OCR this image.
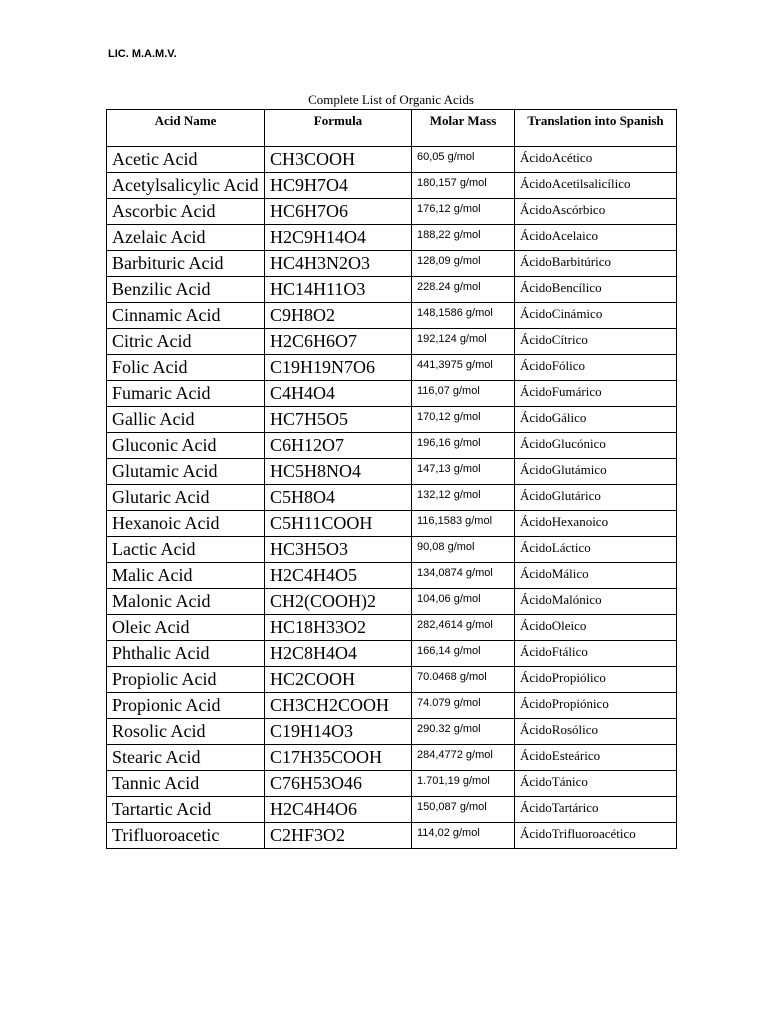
LIC. M.A.M.V.
Complete List of Organic Acids
Acid Name	Formula	Molar Mass	Translation into Spanish
Acetic Acid	CH3COOH	60,05 g/mol	ÁcidoAcético
Acetylsalicylic Acid	HC9H7O4	180,157 g/mol	ÁcidoAcetilsalicílico
Ascorbic Acid	HC6H7O6	176,12 g/mol	ÁcidoAscórbico
Azelaic Acid	H2C9H14O4	188,22 g/mol	ÁcidoAcelaico
Barbituric Acid	HC4H3N2O3	128,09 g/mol	ÁcidoBarbitúrico
Benzilic Acid	HC14H11O3	228.24 g/mol	ÁcidoBencílico
Cinnamic Acid	C9H8O2	148,1586 g/mol	ÁcidoCinámico
Citric Acid	H2C6H6O7	192,124 g/mol	ÁcidoCítrico
Folic Acid	C19H19N7O6	441,3975 g/mol	ÁcidoFólico
Fumaric Acid	C4H4O4	116,07 g/mol	ÁcidoFumárico
Gallic Acid	HC7H5O5	170,12 g/mol	ÁcidoGálico
Gluconic Acid	C6H12O7	196,16 g/mol	ÁcidoGlucónico
Glutamic Acid	HC5H8NO4	147,13 g/mol	ÁcidoGlutámico
Glutaric Acid	C5H8O4	132,12 g/mol	ÁcidoGlutárico
Hexanoic Acid	C5H11COOH	116,1583 g/mol	ÁcidoHexanoico
Lactic Acid	HC3H5O3	90,08 g/mol	ÁcidoLáctico
Malic Acid	H2C4H4O5	134,0874 g/mol	ÁcidoMálico
Malonic Acid	CH2(COOH)2	104,06 g/mol	ÁcidoMalónico
Oleic Acid	HC18H33O2	282,4614 g/mol	ÁcidoOleico
Phthalic Acid	H2C8H4O4	166,14 g/mol	ÁcidoFtálico
Propiolic Acid	HC2COOH	70.0468 g/mol	ÁcidoPropiólico
Propionic Acid	CH3CH2COOH	74.079 g/mol	ÁcidoPropiónico
Rosolic Acid	C19H14O3	290.32 g/mol	ÁcidoRosólico
Stearic Acid	C17H35COOH	284,4772 g/mol	ÁcidoEsteárico
Tannic Acid	C76H53O46	1.701,19 g/mol	ÁcidoTánico
Tartartic Acid	H2C4H4O6	150,087 g/mol	ÁcidoTartárico
Trifluoroacetic	C2HF3O2	114,02 g/mol	ÁcidoTrifluoroacético
